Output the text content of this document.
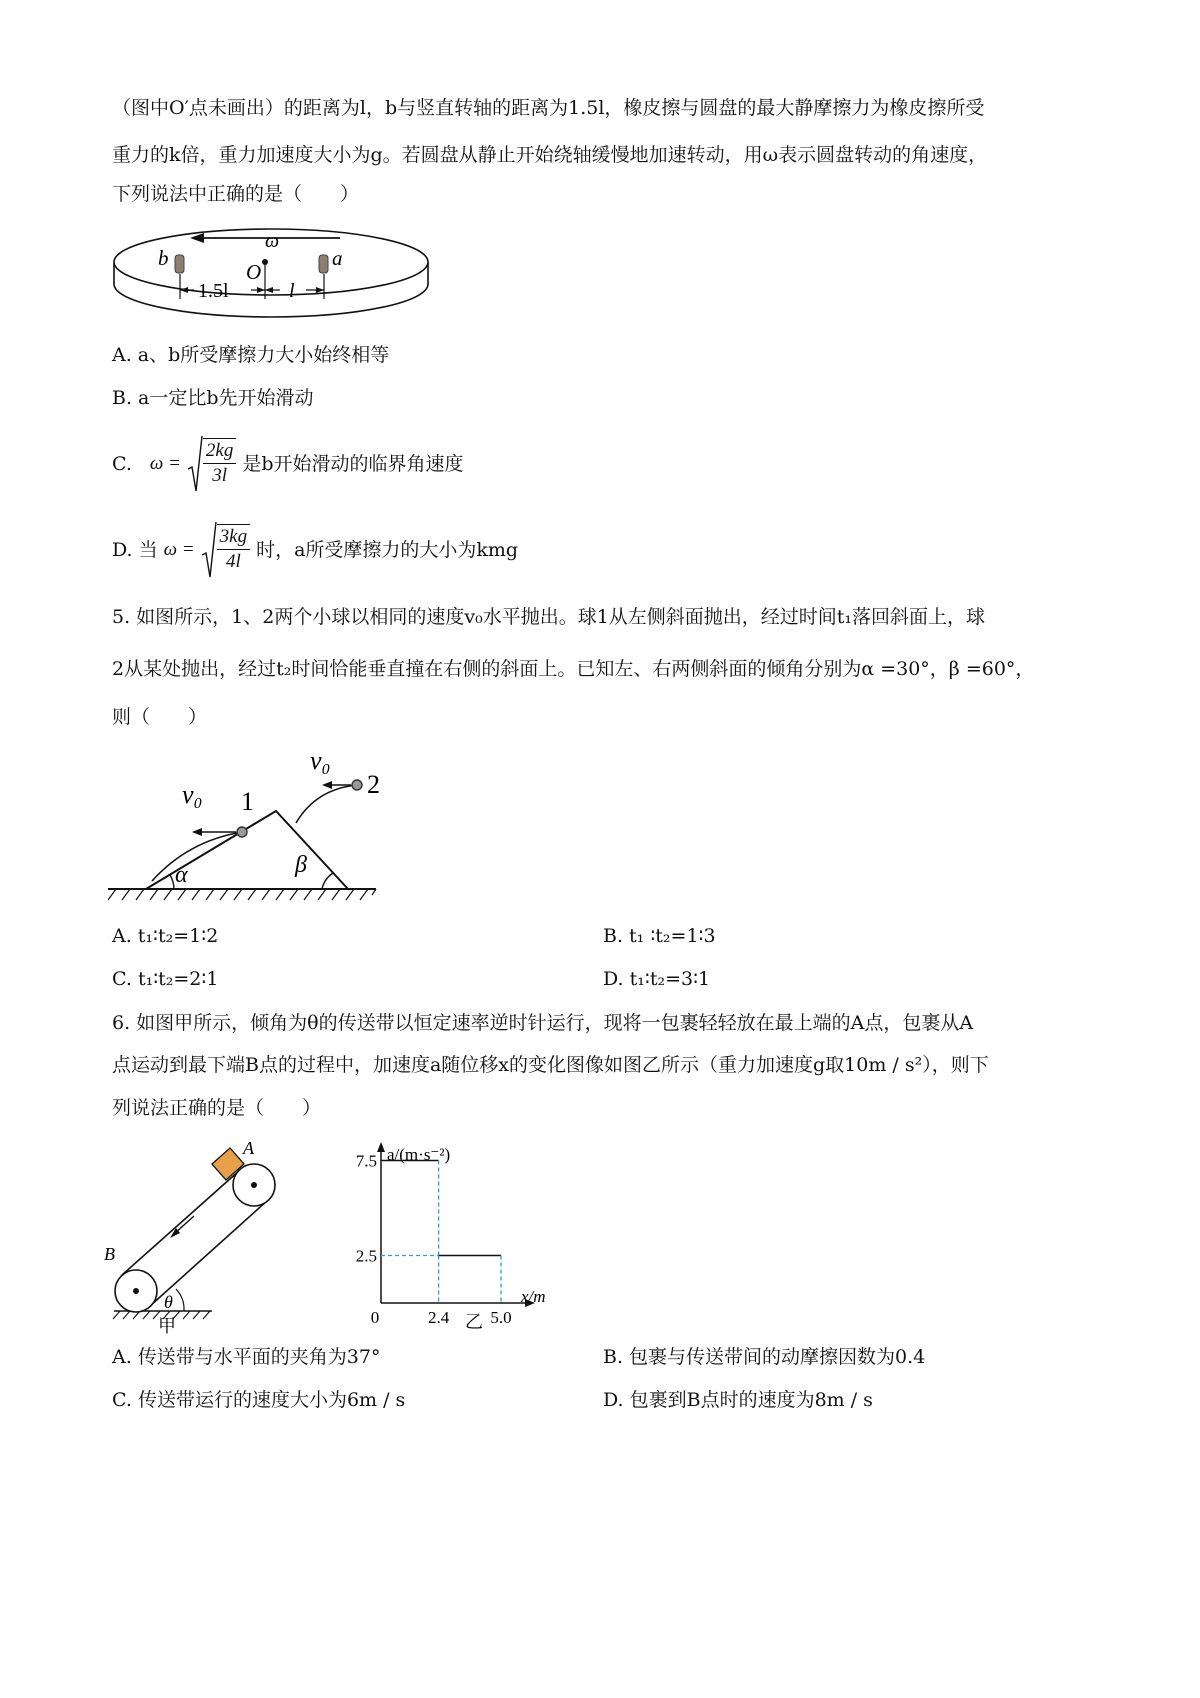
（图中O′点未画出）的距离为l，b与竖直转轴的距离为1.5l，橡皮擦与圆盘的最大静摩擦力为橡皮擦所受
重力的k倍，重力加速度大小为g。若圆盘从静止开始绕轴缓慢地加速转动，用ω表示圆盘转动的角速度，
下列说法中正确的是（　　）
ω
b	a
O
1.5l	l
A. a、b所受摩擦力大小始终相等
B. a一定比b先开始滑动
C. $\omega = \frac{2kg}{3l}$ 是b开始滑动的临界角速度
D. 当 $\omega = \frac{3kg}{4l}$ 时，a所受摩擦力的大小为kmg
5. 如图所示，1、2两个小球以相同的速度v₀水平抛出。球1从左侧斜面抛出，经过时间t₁落回斜面上，球
2从某处抛出，经过t₂时间恰能垂直撞在右侧的斜面上。已知左、右两侧斜面的倾角分别为α =30°，β =60°，
则（　　）
α	β
v₀ 1
v₀
2
A. t₁∶t₂=1∶2	B. t₁ ∶t₂=1∶3
C. t₁∶t₂=2∶1	D. t₁∶t₂=3∶1
6. 如图甲所示，倾角为θ的传送带以恒定速率逆时针运行，现将一包裹轻轻放在最上端的A点，包裹从A
点运动到最下端B点的过程中，加速度a随位移x的变化图像如图乙所示（重力加速度g取10m / s²），则下
列说法正确的是（　　）
A
B
θ
甲
a/(m·s⁻²)
x/m
2.5
7.5
0	2.4 5.0
乙
A. 传送带与水平面的夹角为37°	B. 包裹与传送带间的动摩擦因数为0.4
C. 传送带运行的速度大小为6m / s	D. 包裹到B点时的速度为8m / s
